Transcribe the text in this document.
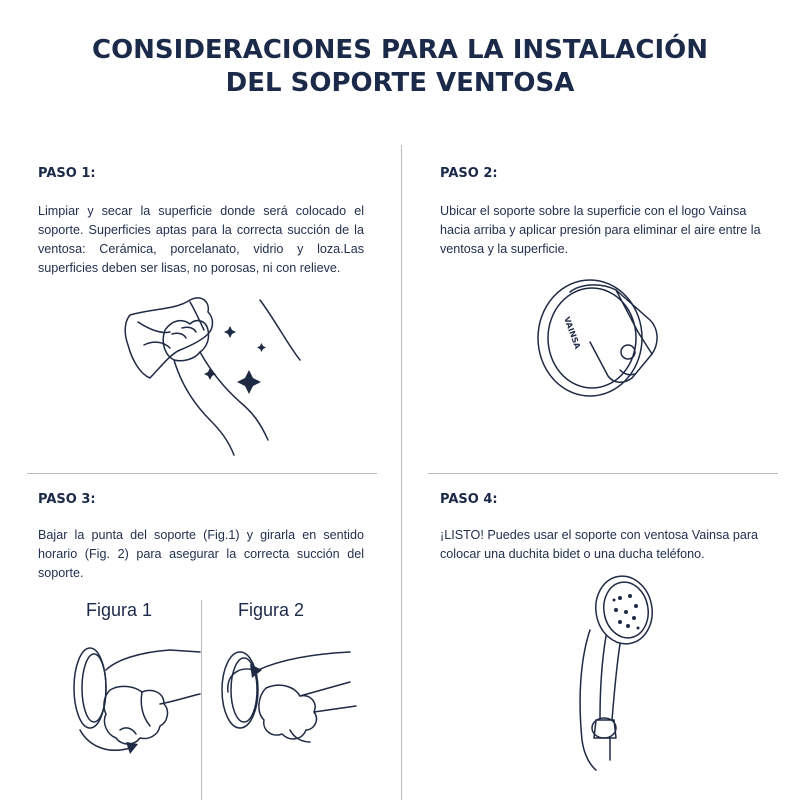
CONSIDERACIONES PARA LA INSTALACIÓN
DEL SOPORTE VENTOSA
PASO 1:
Limpiar y secar la superficie donde será colocado el soporte. Superficies aptas para la correcta succión de la ventosa: Cerámica, porcelanato, vidrio y loza.Las superficies deben ser lisas, no porosas, ni con relieve.
PASO 2:
Ubicar el soporte sobre la superficie con el logo Vainsa hacia arriba y aplicar presión para eliminar el aire entre la ventosa y la superficie.
VAINSA
PASO 3:
Bajar la punta del soporte (Fig.1) y girarla en sentido horario (Fig. 2) para asegurar la correcta succión del soporte.
Figura 1	Figura 2
PASO 4:
¡LISTO! Puedes usar el soporte con ventosa Vainsa para colocar una duchita bidet o una ducha teléfono.
